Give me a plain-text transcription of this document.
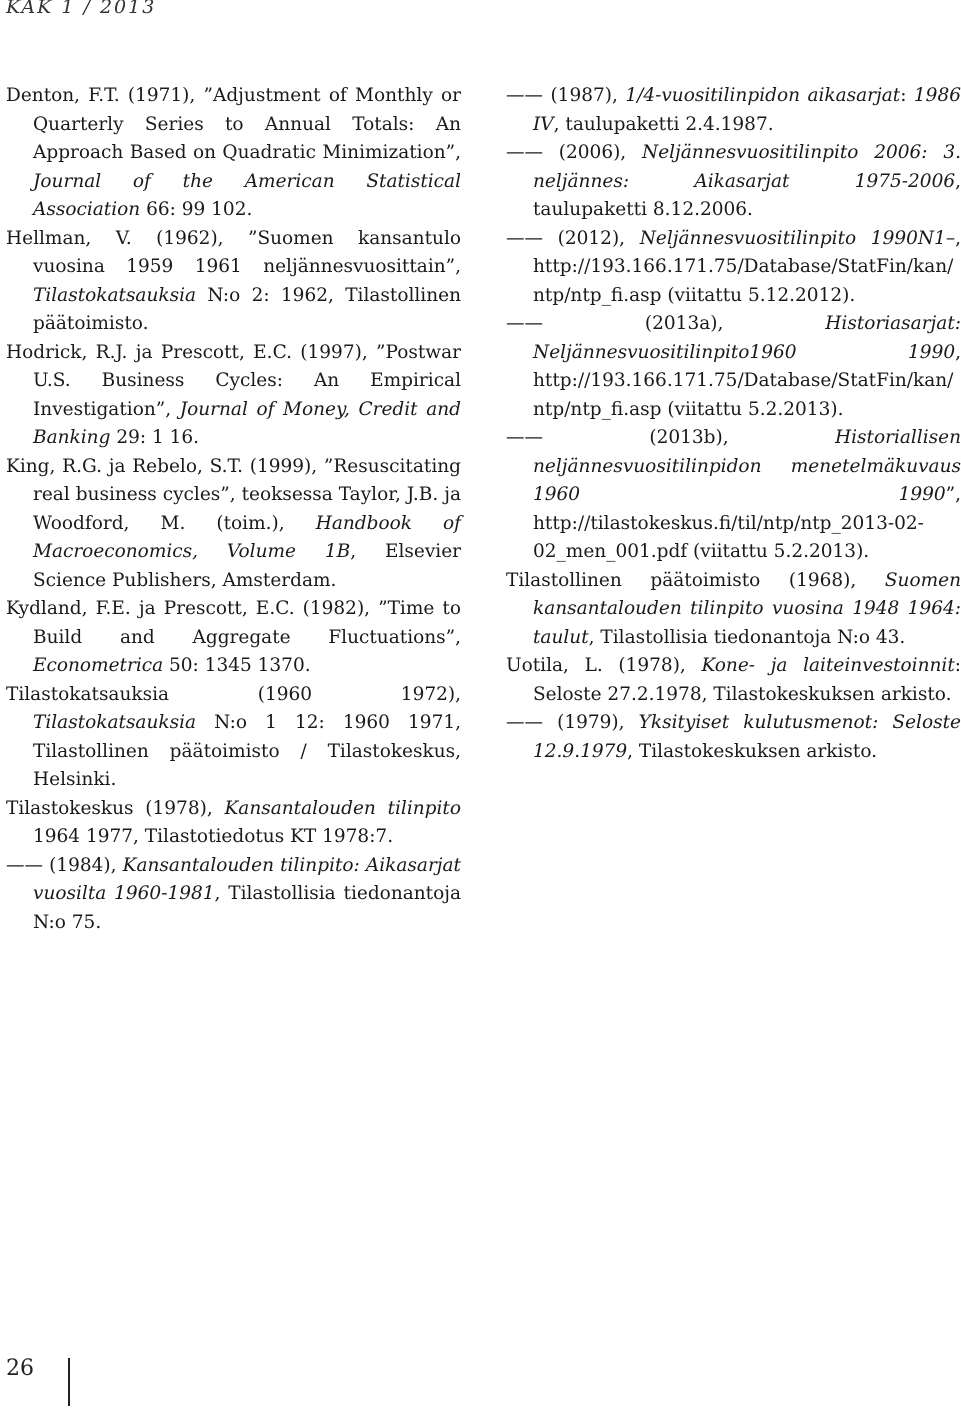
KAK 1 / 2013

Denton, F.T. (1971), ”Adjustment of Monthly or Quarterly Series to Annual Totals: An Approach Based on Quadratic Minimization”, Journal of the American Statistical Association 66: 99 102.

Hellman, V. (1962), ”Suomen kansantulo vuosina 1959 1961 neljännesvuosittain”, Tilastokatsauksia N:o 2: 1962, Tilastollinen päätoimisto.

Hodrick, R.J. ja Prescott, E.C. (1997), ”Postwar U.S. Business Cycles: An Empirical Investigation”, Journal of Money, Credit and Banking 29: 1 16.

King, R.G. ja Rebelo, S.T. (1999), ”Resuscitating real business cycles”, teoksessa Taylor, J.B. ja Woodford, M. (toim.), Handbook of Macroeconomics, Volume 1B, Elsevier Science Publishers, Amsterdam.

Kydland, F.E. ja Prescott, E.C. (1982), ”Time to Build and Aggregate Fluctuations”, Econometrica 50: 1345 1370.

Tilastokatsauksia (1960 1972), Tilastokatsauksia N:o 1 12: 1960 1971, Tilastollinen päätoimisto / Tilastokeskus, Helsinki.

Tilastokeskus (1978), Kansantalouden tilinpito 1964 1977, Tilastotiedotus KT 1978:7.

—— (1984), Kansantalouden tilinpito: Aikasarjat vuosilta 1960-1981, Tilastollisia tiedonantoja N:o 75.

—— (1987), 1/4-vuositilinpidon aikasarjat: 1986 IV, taulupaketti 2.4.1987.

—— (2006), Neljännesvuositilinpito 2006: 3. neljännes: Aikasarjat 1975-2006, taulupaketti 8.12.2006.

—— (2012), Neljännesvuositilinpito 1990N1–, http://193.166.171.75/Database/StatFin/kan/ntp/ntp_fi.asp (viitattu 5.12.2012).

—— (2013a), Historiasarjat: Neljännesvuositilinpito1960 1990, http://193.166.171.75/Database/StatFin/kan/ntp/ntp_fi.asp (viitattu 5.2.2013).

—— (2013b), Historiallisen neljännesvuositilinpidon menetelmäkuvaus 1960 1990”, http://tilastokeskus.fi/til/ntp/ntp_2013-02-02_men_001.pdf (viitattu 5.2.2013).

Tilastollinen päätoimisto (1968), Suomen kansantalouden tilinpito vuosina 1948 1964: taulut, Tilastollisia tiedonantoja N:o 43.

Uotila, L. (1978), Kone- ja laiteinvestoinnit: Seloste 27.2.1978, Tilastokeskuksen arkisto.

—— (1979), Yksityiset kulutusmenot: Seloste 12.9.1979, Tilastokeskuksen arkisto.

26
